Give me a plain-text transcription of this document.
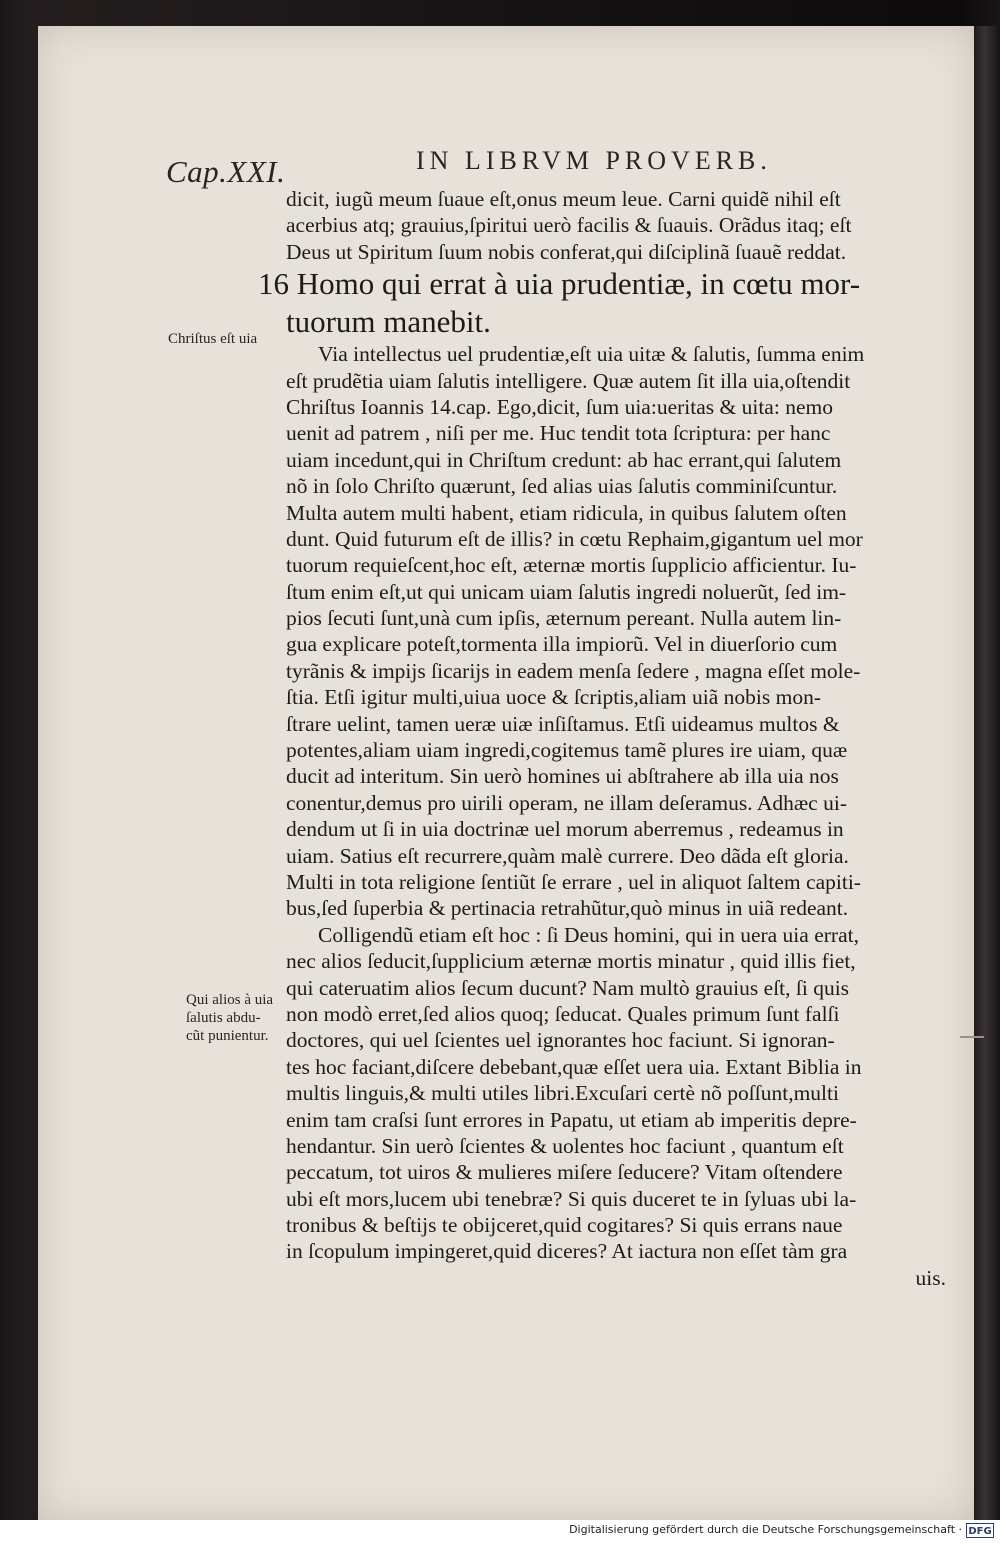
Cap.XXI.	IN LIBRVM PROVERB.
Chriſtus eſt uia
Qui alios à uia
ſalutis abdu-
cũt punientur.
dicit, iugũ meum ſuaue eſt,onus meum leue. Carni quidẽ nihil eſt
acerbius atq; grauius,ſpiritui uerò facilis & ſuauis. Orãdus itaq; eſt
Deus ut Spiritum ſuum nobis conferat,qui diſciplinã ſuauẽ reddat.
16 Homo qui errat à uia prudentiæ, in cœtu mor-
tuorum manebit.
Via intellectus uel prudentiæ,eſt uia uitæ & ſalutis, ſumma enim
eſt prudẽtia uiam ſalutis intelligere. Quæ autem ſit illa uia,oſtendit
Chriſtus Ioannis 14.cap. Ego,dicit, ſum uia:ueritas & uita: nemo
uenit ad patrem , niſi per me. Huc tendit tota ſcriptura: per hanc
uiam incedunt,qui in Chriſtum credunt: ab hac errant,qui ſalutem
nõ in ſolo Chriſto quærunt, ſed alias uias ſalutis comminiſcuntur.
Multa autem multi habent, etiam ridicula, in quibus ſalutem oſten
dunt. Quid futurum eſt de illis? in cœtu Rephaim,gigantum uel mor
tuorum requieſcent,hoc eſt, æternæ mortis ſupplicio afficientur. Iu-
ſtum enim eſt,ut qui unicam uiam ſalutis ingredi noluerũt, ſed im-
pios ſecuti ſunt,unà cum ipſis, æternum pereant. Nulla autem lin-
gua explicare poteſt,tormenta illa impiorũ. Vel in diuerſorio cum
tyrãnis & impijs ſicarijs in eadem menſa ſedere , magna eſſet mole-
ſtia. Etſi igitur multi,uiua uoce & ſcriptis,aliam uiã nobis mon-
ſtrare uelint, tamen ueræ uiæ inſiſtamus. Etſi uideamus multos &
potentes,aliam uiam ingredi,cogitemus tamẽ plures ire uiam, quæ
ducit ad interitum. Sin uerò homines ui abſtrahere ab illa uia nos
conentur,demus pro uirili operam, ne illam deſeramus. Adhæc ui-
dendum ut ſi in uia doctrinæ uel morum aberremus , redeamus in
uiam. Satius eſt recurrere,quàm malè currere. Deo dãda eſt gloria.
Multi in tota religione ſentiũt ſe errare , uel in aliquot ſaltem capiti-
bus,ſed ſuperbia & pertinacia retrahũtur,quò minus in uiã redeant.
Colligendũ etiam eſt hoc : ſi Deus homini, qui in uera uia errat,
nec alios ſeducit,ſupplicium æternæ mortis minatur , quid illis fiet,
qui cateruatim alios ſecum ducunt? Nam multò grauius eſt, ſi quis
non modò erret,ſed alios quoq; ſeducat. Quales primum ſunt falſi
doctores, qui uel ſcientes uel ignorantes hoc faciunt. Si ignoran-
tes hoc faciant,diſcere debebant,quæ eſſet uera uia. Extant Biblia in
multis linguis,& multi utiles libri.Excuſari certè nõ poſſunt,multi
enim tam craſsi ſunt errores in Papatu, ut etiam ab imperitis depre-
hendantur. Sin uerò ſcientes & uolentes hoc faciunt , quantum eſt
peccatum, tot uiros & mulieres miſere ſeducere? Vitam oſtendere
ubi eſt mors,lucem ubi tenebræ? Si quis duceret te in ſyluas ubi la-
tronibus & beſtijs te obijceret,quid cogitares? Si quis errans naue
in ſcopulum impingeret,quid diceres? At iactura non eſſet tàm gra
uis.
Digitalisierung gefördert durch die Deutsche Forschungsgemeinschaft · DFG
